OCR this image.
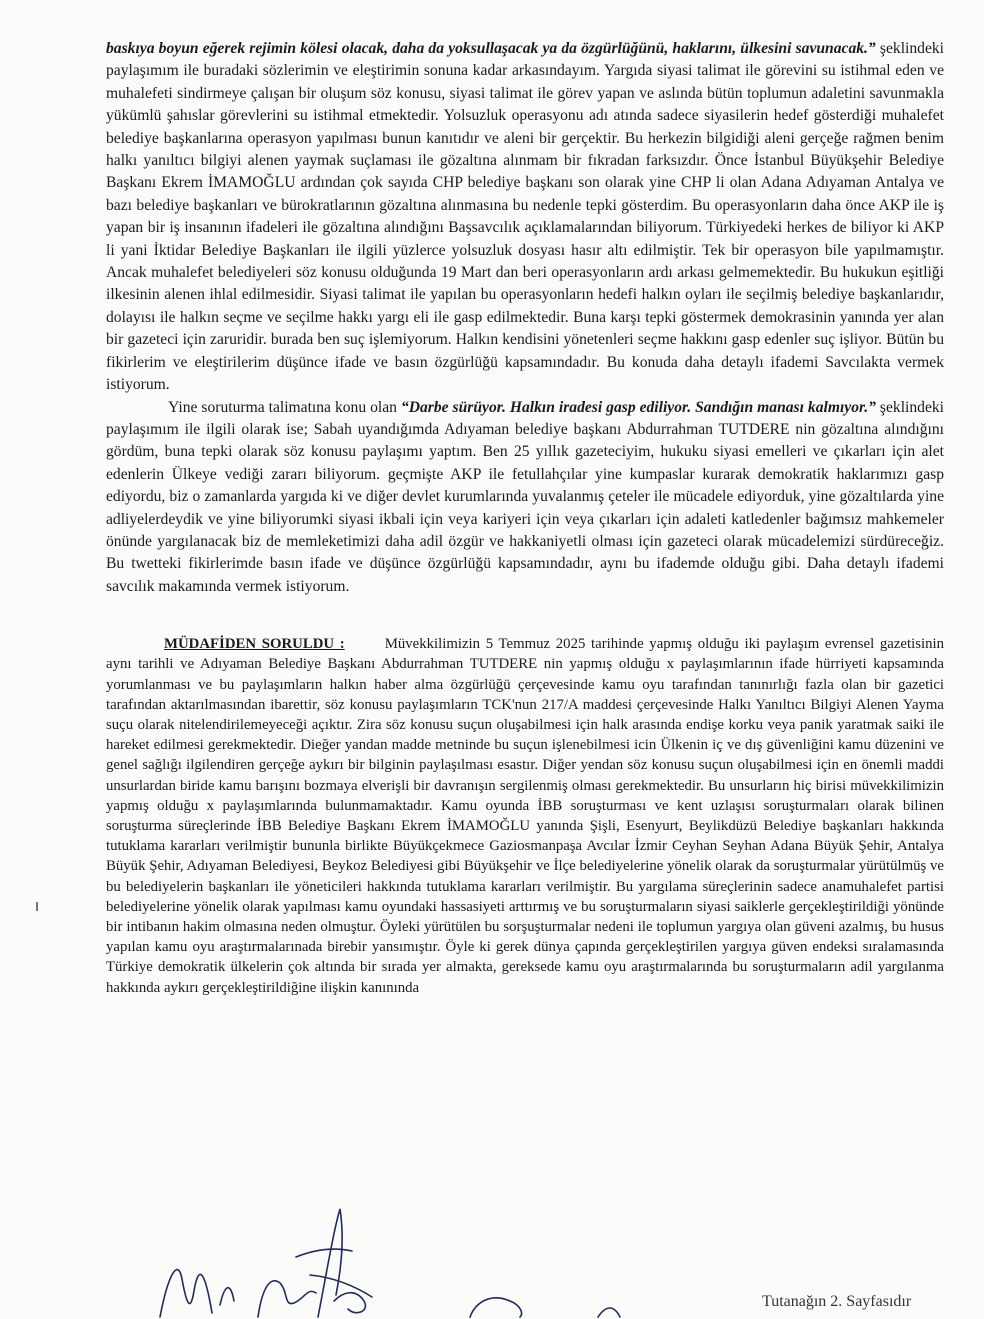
baskıya boyun eğerek rejimin kölesi olacak, daha da yoksullaşacak ya da özgürlüğünü, haklarını, ülkesini savunacak.” şeklindeki paylaşımım ile buradaki sözlerimin ve eleştirimin sonuna kadar arkasındayım. Yargıda siyasi talimat ile görevini su istihmal eden ve muhalefeti sindirmeye çalışan bir oluşum söz konusu, siyasi talimat ile görev yapan ve aslında bütün toplumun adaletini savunmakla yükümlü şahıslar görevlerini su istihmal etmektedir. Yolsuzluk operasyonu adı atında sadece siyasilerin hedef gösterdiği muhalefet belediye başkanlarına operasyon yapılması bunun kanıtıdır ve aleni bir gerçektir. Bu herkezin bilgidiği aleni gerçeğe rağmen benim halkı yanıltıcı bilgiyi alenen yaymak suçlaması ile gözaltına alınmam bir fıkradan farksızdır. Önce İstanbul Büyükşehir Belediye Başkanı Ekrem İMAMOĞLU ardından çok sayıda CHP belediye başkanı son olarak yine CHP li olan Adana Adıyaman Antalya ve bazı belediye başkanları ve bürokratlarının gözaltına alınmasına bu nedenle tepki gösterdim. Bu operasyonların daha önce AKP ile iş yapan bir iş insanının ifadeleri ile gözaltına alındığını Başsavcılık açıklamalarından biliyorum. Türkiyedeki herkes de biliyor ki AKP li yani İktidar Belediye Başkanları ile ilgili yüzlerce yolsuzluk dosyası hasır altı edilmiştir. Tek bir operasyon bile yapılmamıştır. Ancak muhalefet belediyeleri söz konusu olduğunda 19 Mart dan beri operasyonların ardı arkası gelmemektedir. Bu hukukun eşitliği ilkesinin alenen ihlal edilmesidir. Siyasi talimat ile yapılan bu operasyonların hedefi halkın oyları ile seçilmiş belediye başkanlarıdır, dolayısı ile halkın seçme ve seçilme hakkı yargı eli ile gasp edilmektedir. Buna karşı tepki göstermek demokrasinin yanında yer alan bir gazeteci için zaruridir. burada ben suç işlemiyorum. Halkın kendisini yönetenleri seçme hakkını gasp edenler suç işliyor. Bütün bu fikirlerim ve eleştirilerim düşünce ifade ve basın özgürlüğü kapsamındadır. Bu konuda daha detaylı ifademi Savcılakta vermek istiyorum.

Yine soruturma talimatına konu olan “Darbe sürüyor. Halkın iradesi gasp ediliyor. Sandığın manası kalmıyor.” şeklindeki paylaşımım ile ilgili olarak ise; Sabah uyandığımda Adıyaman belediye başkanı Abdurrahman TUTDERE nin gözaltına alındığını gördüm, buna tepki olarak söz konusu paylaşımı yaptım. Ben 25 yıllık gazeteciyim, hukuku siyasi emelleri ve çıkarları için alet edenlerin Ülkeye vediği zararı biliyorum. geçmişte AKP ile fetullahçılar yine kumpaslar kurarak demokratik haklarımızı gasp ediyordu, biz o zamanlarda yargıda ki ve diğer devlet kurumlarında yuvalanmış çeteler ile mücadele ediyorduk, yine gözaltılarda yine adliyelerdeydik ve yine biliyorumki siyasi ikbali için veya kariyeri için veya çıkarları için adaleti katledenler bağımsız mahkemeler önünde yargılanacak biz de memleketimizi daha adil özgür ve hakkaniyetli olması için gazeteci olarak mücadelemizi sürdüreceğiz. Bu twetteki fikirlerimde basın ifade ve düşünce özgürlüğü kapsamındadır, aynı bu ifademde olduğu gibi. Daha detaylı ifademi savcılık makamında vermek istiyorum.

MÜDAFİDEN SORULDU :	Müvekkilimizin 5 Temmuz 2025 tarihinde yapmış olduğu iki paylaşım evrensel gazetisinin aynı tarihli ve Adıyaman Belediye Başkanı Abdurrahman TUTDERE nin yapmış olduğu x paylaşımlarının ifade hürriyeti kapsamında yorumlanması ve bu paylaşımların halkın haber alma özgürlüğü çerçevesinde kamu oyu tarafından tanınırlığı fazla olan bir gazetici tarafından aktarılmasından ibarettir, söz konusu paylaşımların TCK'nun 217/A maddesi çerçevesinde Halkı Yanıltıcı Bilgiyi Alenen Yayma suçu olarak nitelendirilemeyeceği açıktır. Zira söz konusu suçun oluşabilmesi için halk arasında endişe korku veya panik yaratmak saiki ile hareket edilmesi gerekmektedir. Dieğer yandan madde metninde bu suçun işlenebilmesi icin Ülkenin iç ve dış güvenliğini kamu düzenini ve genel sağlığı ilgilendiren gerçeğe aykırı bir bilginin paylaşılması esastır. Diğer yendan söz konusu suçun oluşabilmesi için en önemli maddi unsurlardan biride kamu barışını bozmaya elverişli bir davranışın sergilenmiş olması gerekmektedir. Bu unsurların hiç birisi müvekkilimizin yapmış olduğu x paylaşımlarında bulunmamaktadır. Kamu oyunda İBB soruşturması ve kent uzlaşısı soruşturmaları olarak bilinen soruşturma süreçlerinde İBB Belediye Başkanı Ekrem İMAMOĞLU yanında Şişli, Esenyurt, Beylikdüzü Belediye başkanları hakkında tutuklama kararları verilmiştir bununla birlikte Büyükçekmece Gaziosmanpaşa Avcılar İzmir Ceyhan Seyhan Adana Büyük Şehir, Antalya Büyük Şehir, Adıyaman Belediyesi, Beykoz Belediyesi gibi Büyükşehir ve İlçe belediyelerine yönelik olarak da soruşturmalar yürütülmüş ve bu belediyelerin başkanları ile yöneticileri hakkında tutuklama kararları verilmiştir. Bu yargılama süreçlerinin sadece anamuhalefet partisi belediyelerine yönelik olarak yapılması kamu oyundaki hassasiyeti arttırmış ve bu soruşturmaların siyasi saiklerle gerçekleştirildiği yönünde bir intibanın hakim olmasına neden olmuştur. Öyleki yürütülen bu sorşuşturmalar nedeni ile toplumun yargıya olan güveni azalmış, bu husus yapılan kamu oyu araştırmalarınada birebir yansımıştır. Öyle ki gerek dünya çapında gerçekleştirilen yargıya güven endeksi sıralamasında Türkiye demokratik ülkelerin çok altında bir sırada yer almakta, gereksede kamu oyu araştırmalarında bu soruşturmaların adil yargılanma hakkında aykırı gerçekleştirildiğine ilişkin kanınında

Tutanağın 2. Sayfasıdır
